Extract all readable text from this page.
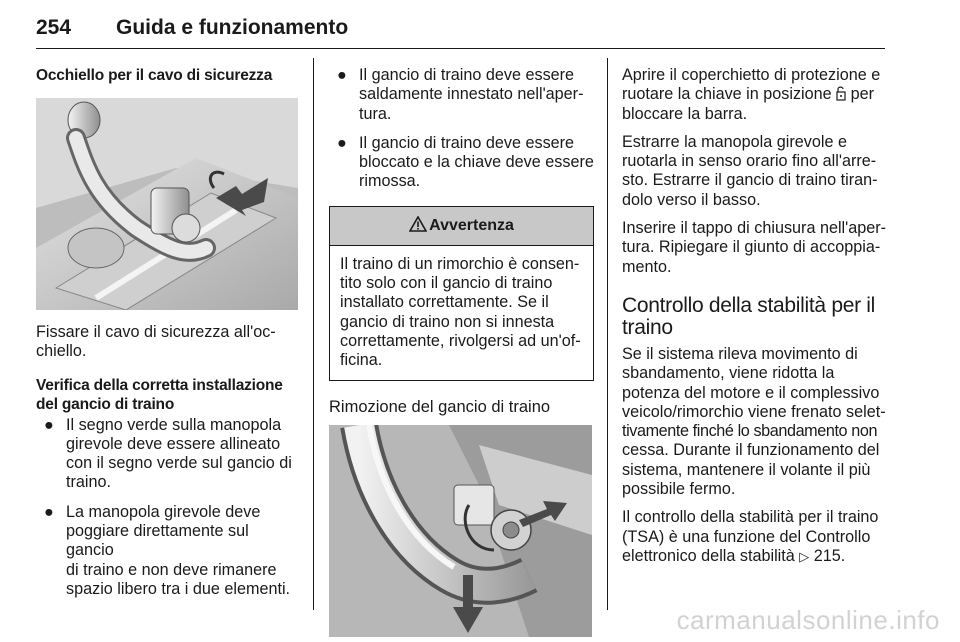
254 Guida e funzionamento

Occhiello per il cavo di sicurezza

Fissare il cavo di sicurezza all'oc-

chiello.

Verifica della corretta installazione

del gancio di traino

● Il segno verde sulla manopola
girevole deve essere allineato
con il segno verde sul gancio di
traino.
● La manopola girevole deve
poggiare direttamente sul gancio
di traino e non deve rimanere
spazio libero tra i due elementi.
● Il gancio di traino deve essere
saldamente innestato nell'aper-
tura.
● Il gancio di traino deve essere
bloccato e la chiave deve essere
rimossa.
Avvertenza

Il traino di un rimorchio è consen-

tito solo con il gancio di traino

installato correttamente. Se il

gancio di traino non si innesta

correttamente, rivolgersi ad un'of-

ficina.

Rimozione del gancio di traino

Aprire il coperchietto di protezione e

ruotare la chiave in posizione per

bloccare la barra.

Estrarre la manopola girevole e

ruotarla in senso orario fino all'arre-

sto. Estrarre il gancio di traino tiran-

dolo verso il basso.

Inserire il tappo di chiusura nell'aper-

tura. Ripiegare il giunto di accoppia-

mento.

Controllo della stabilità per il
traino

Se il sistema rileva movimento di

sbandamento, viene ridotta la

potenza del motore e il complessivo

veicolo/rimorchio viene frenato selet-

tivamente finché lo sbandamento non

cessa. Durante il funzionamento del

sistema, mantenere il volante il più

possibile fermo.

Il controllo della stabilità per il traino

(TSA) è una funzione del Controllo

elettronico della stabilità ▷ 215.

carmanualsonline.info
